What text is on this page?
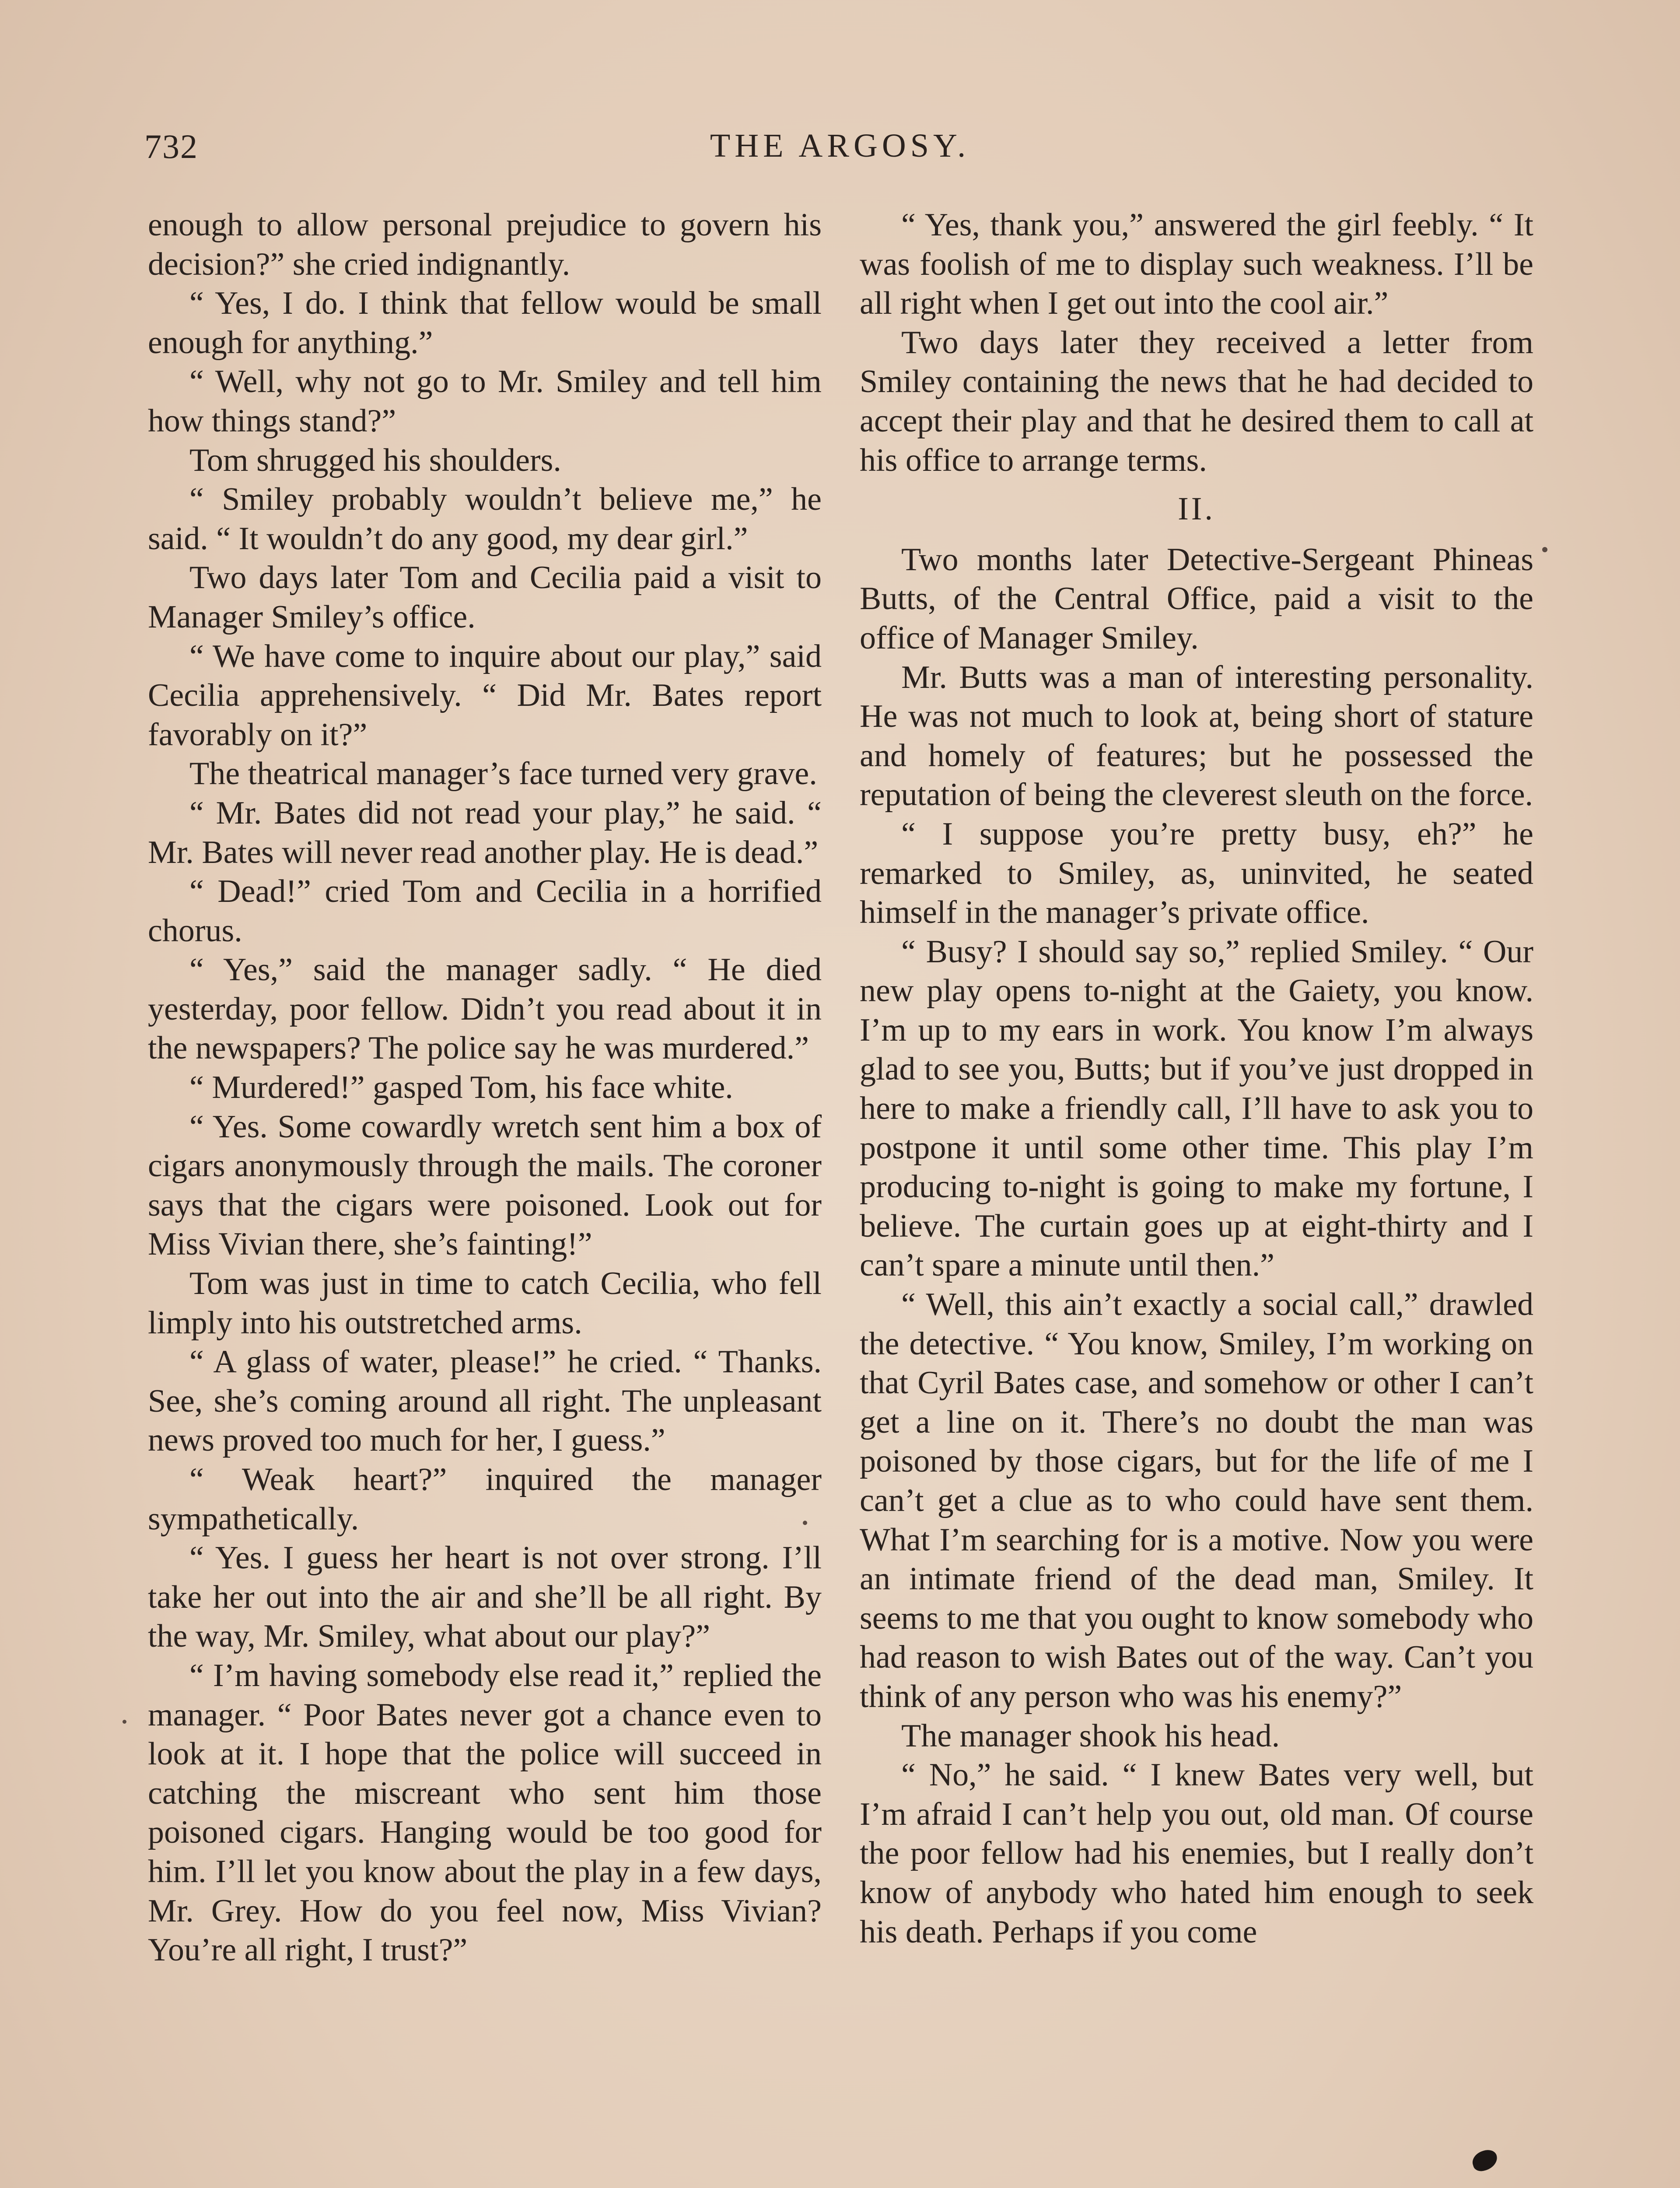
732	THE ARGOSY.

enough to allow personal prejudice to govern his decision?” she cried indignantly.

“ Yes, I do. I think that fellow would be small enough for anything.”

“ Well, why not go to Mr. Smiley and tell him how things stand?”

Tom shrugged his shoulders.

“ Smiley probably wouldn’t believe me,” he said. “ It wouldn’t do any good, my dear girl.”

Two days later Tom and Cecilia paid a visit to Manager Smiley’s office.

“ We have come to inquire about our play,” said Cecilia apprehensively. “ Did Mr. Bates report favorably on it?”

The theatrical manager’s face turned very grave.

“ Mr. Bates did not read your play,” he said. “ Mr. Bates will never read another play. He is dead.”

“ Dead!” cried Tom and Cecilia in a horrified chorus.

“ Yes,” said the manager sadly. “ He died yesterday, poor fellow. Didn’t you read about it in the newspapers? The police say he was murdered.”

“ Murdered!” gasped Tom, his face white.

“ Yes. Some cowardly wretch sent him a box of cigars anonymously through the mails. The coroner says that the cigars were poisoned. Look out for Miss Vivian there, she’s fainting!”

Tom was just in time to catch Cecilia, who fell limply into his outstretched arms.

“ A glass of water, please!” he cried. “ Thanks. See, she’s coming around all right. The unpleasant news proved too much for her, I guess.”

“ Weak heart?” inquired the manager sympathetically.

“ Yes. I guess her heart is not over strong. I’ll take her out into the air and she’ll be all right. By the way, Mr. Smiley, what about our play?”

“ I’m having somebody else read it,” replied the manager. “ Poor Bates never got a chance even to look at it. I hope that the police will succeed in catching the miscreant who sent him those poisoned cigars. Hanging would be too good for him. I’ll let you know about the play in a few days, Mr. Grey. How do you feel now, Miss Vivian? You’re all right, I trust?”

“ Yes, thank you,” answered the girl feebly. “ It was foolish of me to display such weakness. I’ll be all right when I get out into the cool air.”

Two days later they received a letter from Smiley containing the news that he had decided to accept their play and that he desired them to call at his office to arrange terms.

II.

Two months later Detective-Sergeant Phineas Butts, of the Central Office, paid a visit to the office of Manager Smiley.

Mr. Butts was a man of interesting personality. He was not much to look at, being short of stature and homely of features; but he possessed the reputation of being the cleverest sleuth on the force.

“ I suppose you’re pretty busy, eh?” he remarked to Smiley, as, uninvited, he seated himself in the manager’s private office.

“ Busy? I should say so,” replied Smiley. “ Our new play opens to-night at the Gaiety, you know. I’m up to my ears in work. You know I’m always glad to see you, Butts; but if you’ve just dropped in here to make a friendly call, I’ll have to ask you to postpone it until some other time. This play I’m producing to-night is going to make my fortune, I believe. The curtain goes up at eight-thirty and I can’t spare a minute until then.”

“ Well, this ain’t exactly a social call,” drawled the detective. “ You know, Smiley, I’m working on that Cyril Bates case, and somehow or other I can’t get a line on it. There’s no doubt the man was poisoned by those cigars, but for the life of me I can’t get a clue as to who could have sent them. What I’m searching for is a motive. Now you were an intimate friend of the dead man, Smiley. It seems to me that you ought to know somebody who had reason to wish Bates out of the way. Can’t you think of any person who was his enemy?”

The manager shook his head.

“ No,” he said. “ I knew Bates very well, but I’m afraid I can’t help you out, old man. Of course the poor fellow had his enemies, but I really don’t know of anybody who hated him enough to seek his death. Perhaps if you come
